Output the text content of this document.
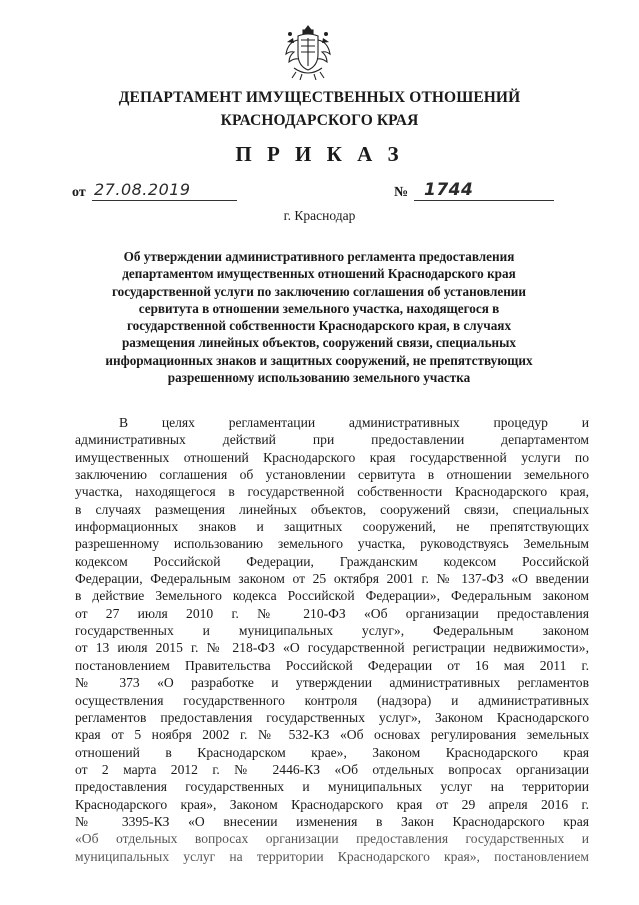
ДЕПАРТАМЕНТ ИМУЩЕСТВЕННЫХ ОТНОШЕНИЙ
КРАСНОДАРСКОГО КРАЯ
П Р И К А З
от 27.08.2019	№ 1744
г. Краснодар
Об утверждении административного регламента предоставления
департаментом имущественных отношений Краснодарского края
государственной услуги по заключению соглашения об установлении
сервитута в отношении земельного участка, находящегося в
государственной собственности Краснодарского края, в случаях
размещения линейных объектов, сооружений связи, специальных
информационных знаков и защитных сооружений, не препятствующих
разрешенному использованию земельного участка
В целях регламентации административных процедур и
административных действий при предоставлении департаментом
имущественных отношений Краснодарского края государственной услуги по
заключению соглашения об установлении сервитута в отношении земельного
участка, находящегося в государственной собственности Краснодарского края,
в случаях размещения линейных объектов, сооружений связи, специальных
информационных знаков и защитных сооружений, не препятствующих
разрешенному использованию земельного участка, руководствуясь Земельным
кодексом Российской Федерации, Гражданским кодексом Российской
Федерации, Федеральным законом от 25 октября 2001 г. № 137-ФЗ «О введении
в действие Земельного кодекса Российской Федерации», Федеральным законом
от 27 июля 2010 г. № 210-ФЗ «Об организации предоставления
государственных и муниципальных услуг», Федеральным законом
от 13 июля 2015 г. № 218-ФЗ «О государственной регистрации недвижимости»,
постановлением Правительства Российской Федерации от 16 мая 2011 г.
№ 373 «О разработке и утверждении административных регламентов
осуществления государственного контроля (надзора) и административных
регламентов предоставления государственных услуг», Законом Краснодарского
края от 5 ноября 2002 г. № 532-КЗ «Об основах регулирования земельных
отношений в Краснодарском крае», Законом Краснодарского края
от 2 марта 2012 г. № 2446-КЗ «Об отдельных вопросах организации
предоставления государственных и муниципальных услуг на территории
Краснодарского края», Законом Краснодарского края от 29 апреля 2016 г.
№ 3395-КЗ «О внесении изменения в Закон Краснодарского края
«Об отдельных вопросах организации предоставления государственных и
муниципальных услуг на территории Краснодарского края», постановлением
